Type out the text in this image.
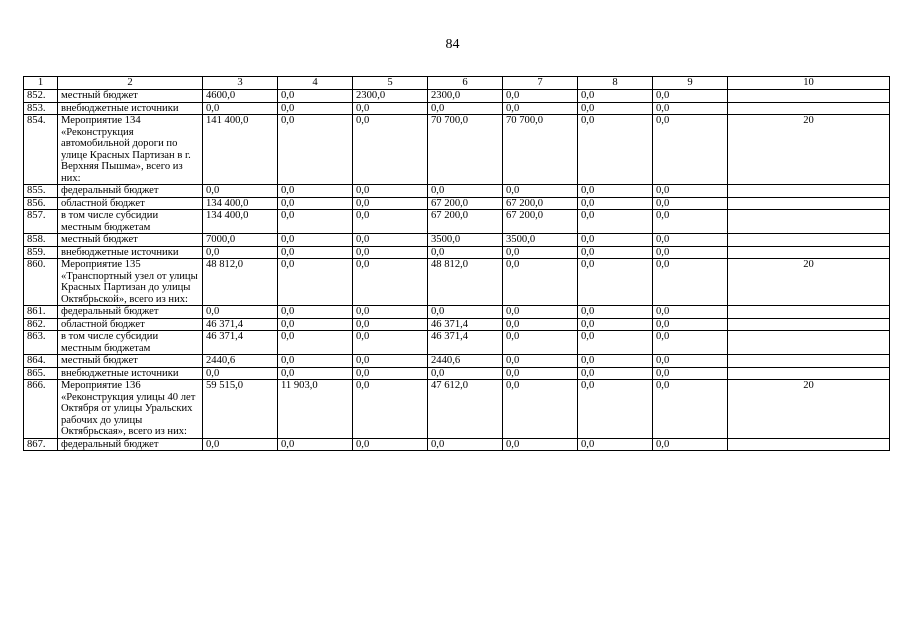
84
1	2	3	4	5	6	7	8	9	10
852.	местный бюджет	4600,0	0,0	2300,0	2300,0	0,0	0,0	0,0	
853.	внебюджетные источники	0,0	0,0	0,0	0,0	0,0	0,0	0,0	
854.	Мероприятие 134 «Реконструкция автомобильной дороги по улице Красных Партизан в г. Верхняя Пышма», всего из них:	141 400,0	0,0	0,0	70 700,0	70 700,0	0,0	0,0	20
855.	федеральный бюджет	0,0	0,0	0,0	0,0	0,0	0,0	0,0	
856.	областной бюджет	134 400,0	0,0	0,0	67 200,0	67 200,0	0,0	0,0	
857.	в том числе субсидии местным бюджетам	134 400,0	0,0	0,0	67 200,0	67 200,0	0,0	0,0	
858.	местный бюджет	7000,0	0,0	0,0	3500,0	3500,0	0,0	0,0	
859.	внебюджетные источники	0,0	0,0	0,0	0,0	0,0	0,0	0,0	
860.	Мероприятие 135 «Транспортный узел от улицы Красных Партизан до улицы Октябрьской», всего из них:	48 812,0	0,0	0,0	48 812,0	0,0	0,0	0,0	20
861.	федеральный бюджет	0,0	0,0	0,0	0,0	0,0	0,0	0,0	
862.	областной бюджет	46 371,4	0,0	0,0	46 371,4	0,0	0,0	0,0	
863.	в том числе субсидии местным бюджетам	46 371,4	0,0	0,0	46 371,4	0,0	0,0	0,0	
864.	местный бюджет	2440,6	0,0	0,0	2440,6	0,0	0,0	0,0	
865.	внебюджетные источники	0,0	0,0	0,0	0,0	0,0	0,0	0,0	
866.	Мероприятие 136 «Реконструкция улицы 40 лет Октября от улицы Уральских рабочих до улицы Октябрьская», всего из них:	59 515,0	11 903,0	0,0	47 612,0	0,0	0,0	0,0	20
867.	федеральный бюджет	0,0	0,0	0,0	0,0	0,0	0,0	0,0	
